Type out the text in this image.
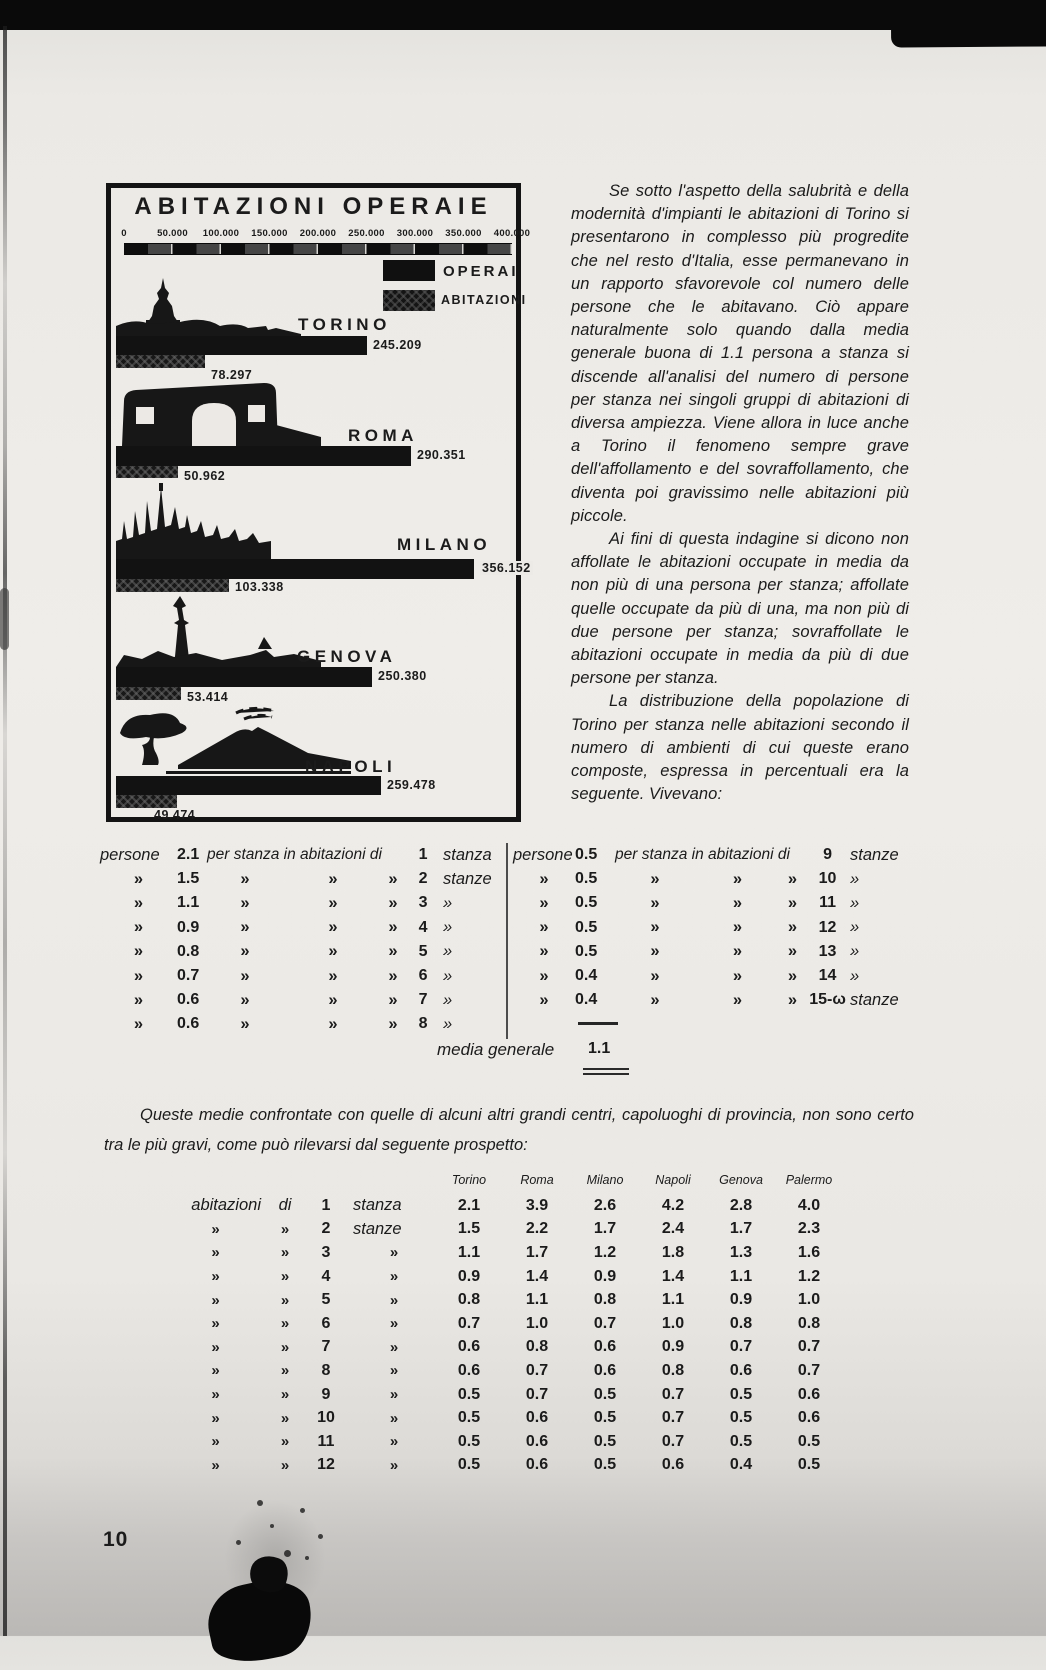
ABITAZIONI OPERAIE
0	50.000 100.000 150.000 200.000 250.000 300.000 350.000 400.000
OPERAI
ABITAZIONI
TORINO
245.209
78.297
ROMA
290.351
50.962
MILANO
356.152
103.338
GENOVA
250.380
53.414
NAPOLI
259.478
49.474

Se sotto l'aspetto della salubrità e della modernità d'impianti le abitazioni di Torino si presentarono in complesso più progredite che nel resto d'Italia, esse permanevano in un rapporto sfavorevole col numero delle persone che le abitavano. Ciò appare naturalmente solo quando dalla media generale buona di 1.1 persona a stanza si discende all'analisi del numero di persone per stanza nei singoli gruppi di abitazioni di diversa ampiezza. Viene allora in luce anche a Torino il fenomeno sempre grave dell'affollamento e del sovraffollamento, che diventa poi gravissimo nelle abitazioni più piccole.

Ai fini di questa indagine si dicono non affollate le abitazioni occupate in media da non più di una persona per stanza; affollate quelle occupate da più di una, ma non più di due persone per stanza; sovraffollate le abitazioni occupate in media da più di due persone per stanza.

La distribuzione della popolazione di Torino per stanza nelle abitazioni secondo il numero di ambienti di cui queste erano composte, espressa in percentuali era la seguente. Vivevano:

persone	2.1	per stanza in abitazioni di			1	stanza
»	1.5	»	»	»	2	stanze
»	1.1	»	»	»	3	»
»	0.9	»	»	»	4	»
»	0.8	»	»	»	5	»
»	0.7	»	»	»	6	»
»	0.6	»	»	»	7	»
»	0.6	»	»	»	8	»
persone	0.5	per stanza in abitazioni di			9	stanze
»	0.5	»	»	»	10	»
»	0.5	»	»	»	11	»
»	0.5	»	»	»	12	»
»	0.5	»	»	»	13	»
»	0.4	»	»	»	14	»
»	0.4	»	»	»	15-ω	stanze
media generale 1.1

Queste medie confrontate con quelle di alcuni altri grandi centri, capoluoghi di provincia, non sono certo tra le più gravi, come può rilevarsi dal seguente prospetto:

				Torino	Roma	Milano	Napoli	Genova	Palermo
abitazioni	di	1	stanza	2.1	3.9	2.6	4.2	2.8	4.0
»	»	2	stanze	1.5	2.2	1.7	2.4	1.7	2.3
»	»	3	»	1.1	1.7	1.2	1.8	1.3	1.6
»	»	4	»	0.9	1.4	0.9	1.4	1.1	1.2
»	»	5	»	0.8	1.1	0.8	1.1	0.9	1.0
»	»	6	»	0.7	1.0	0.7	1.0	0.8	0.8
»	»	7	»	0.6	0.8	0.6	0.9	0.7	0.7
»	»	8	»	0.6	0.7	0.6	0.8	0.6	0.7
»	»	9	»	0.5	0.7	0.5	0.7	0.5	0.6
»	»	10	»	0.5	0.6	0.5	0.7	0.5	0.6
»	»	11	»	0.5	0.6	0.5	0.7	0.5	0.5
»	»	12	»	0.5	0.6	0.5	0.6	0.4	0.5
10
